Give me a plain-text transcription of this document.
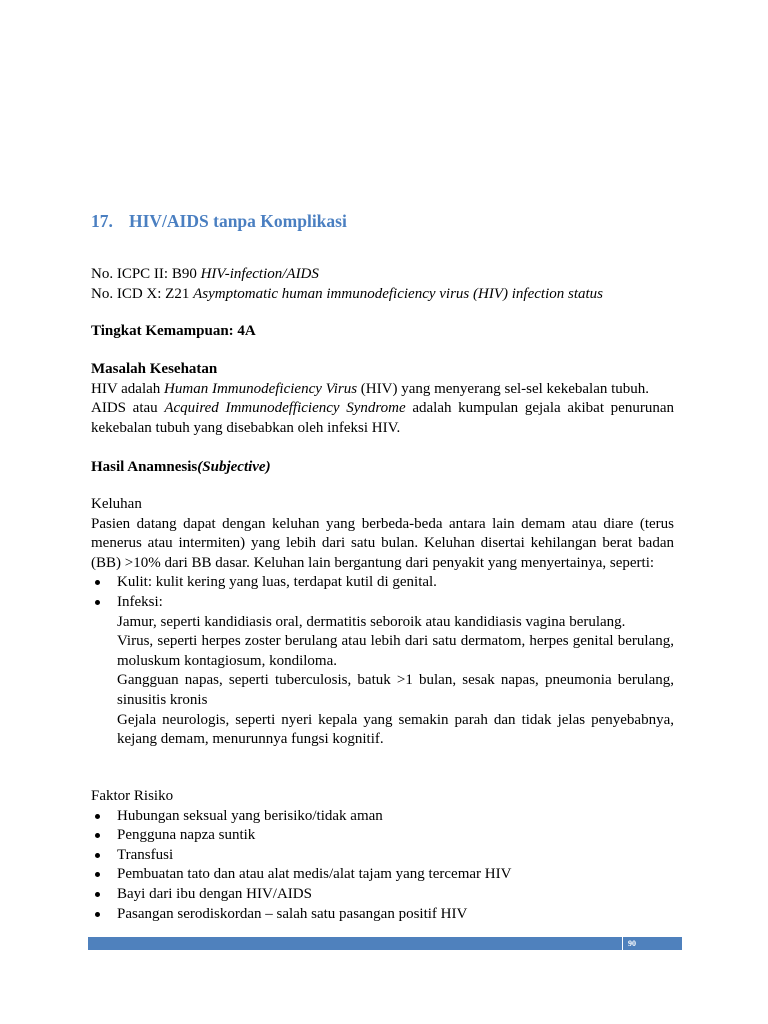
17. HIV/AIDS tanpa Komplikasi
No. ICPC II: B90 HIV-infection/AIDS
No. ICD X: Z21 Asymptomatic human immunodeficiency virus (HIV) infection status
Tingkat Kemampuan: 4A
Masalah Kesehatan
HIV adalah Human Immunodeficiency Virus (HIV) yang menyerang sel-sel kekebalan tubuh.
AIDS atau Acquired Immunodefficiency Syndrome adalah kumpulan gejala akibat penurunan kekebalan tubuh yang disebabkan oleh infeksi HIV.
Hasil Anamnesis(Subjective)
Keluhan
Pasien datang dapat dengan keluhan yang berbeda-beda antara lain demam atau diare (terus menerus atau intermiten) yang lebih dari satu bulan. Keluhan disertai kehilangan berat badan (BB) >10% dari BB dasar. Keluhan lain bergantung dari penyakit yang menyertainya, seperti:
Kulit: kulit kering yang luas, terdapat kutil di genital.
Infeksi:
Jamur, seperti kandidiasis oral, dermatitis seboroik atau kandidiasis vagina berulang.
Virus, seperti herpes zoster berulang atau lebih dari satu dermatom, herpes genital berulang, moluskum kontagiosum, kondiloma.
Gangguan napas, seperti tuberculosis, batuk >1 bulan, sesak napas, pneumonia berulang, sinusitis kronis
Gejala neurologis, seperti nyeri kepala yang semakin parah dan tidak jelas penyebabnya, kejang demam, menurunnya fungsi kognitif.
Faktor Risiko
Hubungan seksual yang berisiko/tidak aman
Pengguna napza suntik
Transfusi
Pembuatan tato dan atau alat medis/alat tajam yang tercemar HIV
Bayi dari ibu dengan HIV/AIDS
Pasangan serodiskordan – salah satu pasangan positif HIV
90
